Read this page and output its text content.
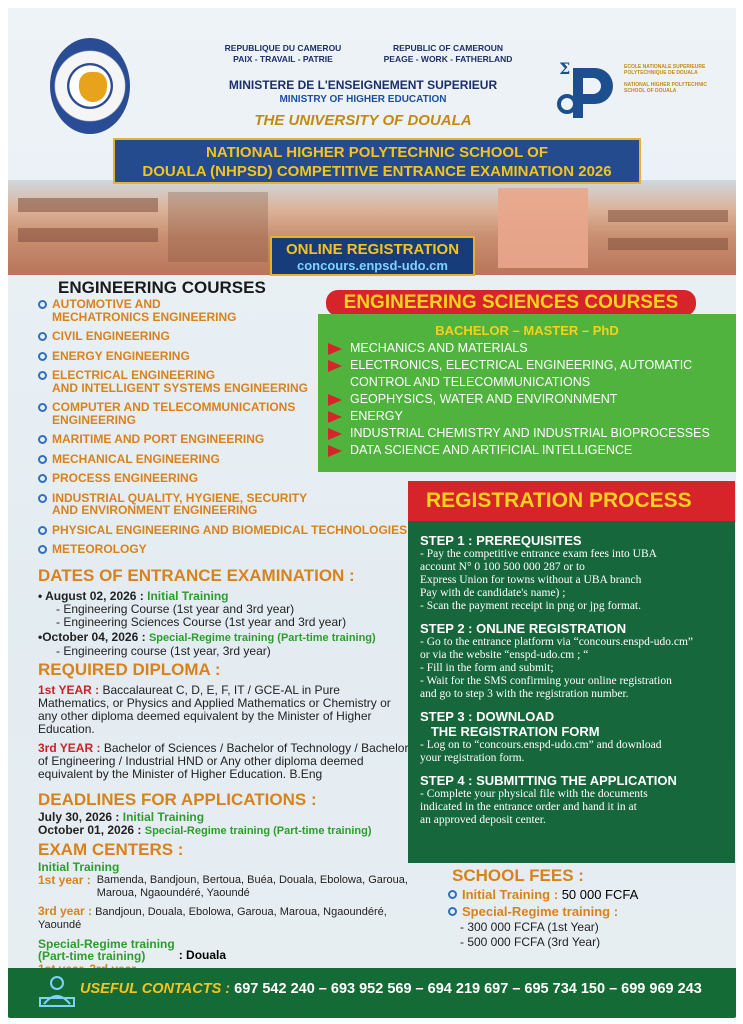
REPUBLIQUE DU CAMEROU
PAIX - TRAVAIL - PATRIE
REPUBLIC OF CAMEROUN
PEAGE - WORK - FATHERLAND
MINISTERE DE L'ENSEIGNEMENT SUPERIEUR
MINISTRY OF HIGHER EDUCATION
THE UNIVERSITY OF DOUALA
Σ	ECOLE NATIONALE SUPERIEURE POLYTECHNIQUE DE DOUALA
NATIONAL HIGHER POLYTECHNIC SCHOOL OF DOUALA
NATIONAL HIGHER POLYTECHNIC SCHOOL OF
DOUALA (NHPSD) COMPETITIVE ENTRANCE EXAMINATION 2026
ONLINE REGISTRATION
concours.enpsd-udo.cm
ENGINEERING COURSES
AUTOMOTIVE AND
MECHATRONICS ENGINEERING
CIVIL ENGINEERING
ENERGY ENGINEERING
ELECTRICAL ENGINEERING
AND INTELLIGENT SYSTEMS ENGINEERING
COMPUTER AND TELECOMMUNICATIONS
ENGINEERING
MARITIME AND PORT ENGINEERING
MECHANICAL ENGINEERING
PROCESS ENGINEERING
INDUSTRIAL QUALITY, HYGIENE, SECURITY
AND ENVIRONMENT ENGINEERING
PHYSICAL ENGINEERING AND BIOMEDICAL TECHNOLOGIES
METEOROLOGY
ENGINEERING SCIENCES COURSES
BACHELOR – MASTER – PhD
MECHANICS AND MATERIALS
ELECTRONICS, ELECTRICAL ENGINEERING, AUTOMATIC
CONTROL AND TELECOMMUNICATIONS
GEOPHYSICS, WATER AND ENVIRONNMENT
ENERGY
INDUSTRIAL CHEMISTRY AND INDUSTRIAL BIOPROCESSES
DATA SCIENCE AND ARTIFICIAL INTELLIGENCE
DATES OF ENTRANCE EXAMINATION :
• August 02, 2026 : Initial Training
- Engineering Course (1st year and 3rd year)
- Engineering Sciences Course (1st year and 3rd year)
•October 04, 2026 : Special-Regime training (Part-time training)
- Engineering course (1st year, 3rd year)
REQUIRED DIPLOMA :
1st YEAR : Baccalaureat C, D, E, F, IT / GCE-AL in Pure Mathematics, or Physics and Applied Mathematics or Chemistry or any other diploma deemed equivalent by the Minister of Higher Education.
3rd YEAR : Bachelor of Sciences / Bachelor of Technology / Bachelor of Engineering / Industrial HND or Any other diploma deemed equivalent by the Minister of Higher Education. B.Eng
DEADLINES FOR APPLICATIONS :
July 30, 2026 : Initial Training
October 01, 2026 : Special-Regime training (Part-time training)
EXAM CENTERS :
Initial Training
1st year : Bamenda, Bandjoun, Bertoua, Buéa, Douala, Ebolowa, Garoua, Maroua, Ngaoundéré, Yaoundé
3rd year : Bandjoun, Douala, Ebolowa, Garoua, Maroua, Ngaoundéré, Yaoundé
Special-Regime training
(Part-time training)	: Douala
REGISTRATION PROCESS
STEP 1 : PREREQUISITES
- Pay the competitive entrance exam fees into UBA
account N° 0 100 500 000 287 or to
Express Union for towns without a UBA branch
Pay with de candidate's name) ;
- Scan the payment receipt in png or jpg format.
STEP 2 : ONLINE REGISTRATION
- Go to the entrance platform via “concours.enspd-udo.cm”
or via the website “enspd-udo.cm ; “
- Fill in the form and submit;
- Wait for the SMS confirming your online registration
and go to step 3 with the registration number.
STEP 3 : DOWNLOAD
THE REGISTRATION FORM
- Log on to “concours.enspd-udo.cm” and download
your registration form.
STEP 4 : SUBMITTING THE APPLICATION
- Complete your physical file with the documents
indicated in the entrance order and hand it in at
an approved deposit center.
SCHOOL FEES :
Initial Training :
50 000 FCFA
Special-Regime training :
- 300 000 FCFA (1st Year)
- 500 000 FCFA (3rd Year)
USEFUL CONTACTS : 697 542 240 – 693 952 569 – 694 219 697 – 695 734 150 – 699 969 243
